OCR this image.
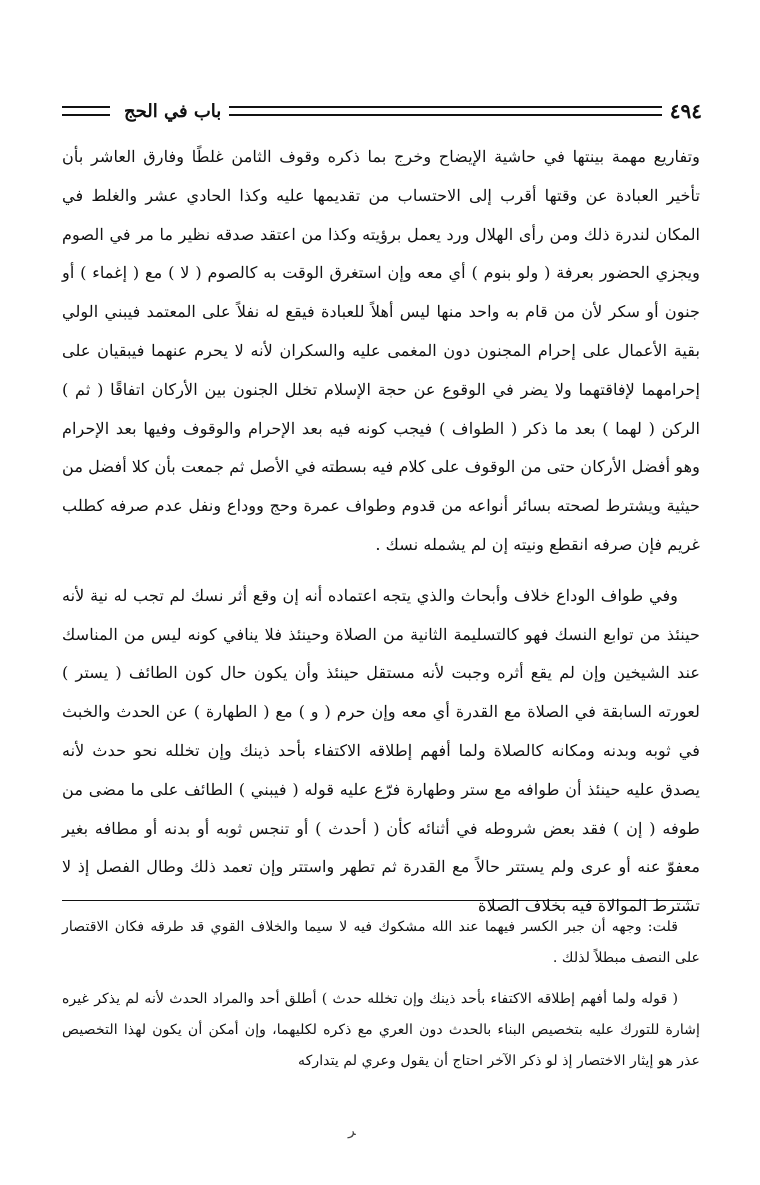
٤٩٤
باب في الحج

وتفاريع مهمة بينتها في حاشية الإيضاح وخرج بما ذكره وقوف الثامن غلطًا وفارق العاشر بأن تأخير العبادة عن وقتها أقرب إلى الاحتساب من تقديمها عليه وكذا الحادي عشر والغلط في المكان لندرة ذلك ومن رأى الهلال ورد يعمل برؤيته وكذا من اعتقد صدقه نظير ما مر في الصوم ويجزي الحضور بعرفة ( ولو بنوم ) أي معه وإن استغرق الوقت به كالصوم ( لا ) مع ( إغماء ) أو جنون أو سكر لأن من قام به واحد منها ليس أهلاً للعبادة فيقع له نفلاً على المعتمد فيبني الولي بقية الأعمال على إحرام المجنون دون المغمى عليه والسكران لأنه لا يحرم عنهما فيبقيان على إحرامهما لإفاقتهما ولا يضر في الوقوع عن حجة الإسلام تخلل الجنون بين الأركان اتفاقًا ( ثم ) الركن ( لهما ) بعد ما ذكر ( الطواف ) فيجب كونه فيه بعد الإحرام والوقوف وفيها بعد الإحرام وهو أفضل الأركان حتى من الوقوف على كلام فيه بسطته في الأصل ثم جمعت بأن كلا أفضل من حيثية ويشترط لصحته بسائر أنواعه من قدوم وطواف عمرة وحج ووداع ونفل عدم صرفه كطلب غريم فإن صرفه انقطع ونيته إن لم يشمله نسك .

وفي طواف الوداع خلاف وأبحاث والذي يتجه اعتماده أنه إن وقع أثر نسك لم تجب له نية لأنه حينئذ من توابع النسك فهو كالتسليمة الثانية من الصلاة وحينئذ فلا ينافي كونه ليس من المناسك عند الشيخين وإن لم يقع أثره وجبت لأنه مستقل حينئذ وأن يكون حال كون الطائف ( يستر ) لعورته السابقة في الصلاة مع القدرة أي معه وإن حرم ( و ) مع ( الطهارة ) عن الحدث والخبث في ثوبه وبدنه ومكانه كالصلاة ولما أفهم إطلاقه الاكتفاء بأحد ذينك وإن تخلله نحو حدث لأنه يصدق عليه حينئذ أن طوافه مع ستر وطهارة فرّع عليه قوله ( فيبني ) الطائف على ما مضى من طوفه ( إن ) فقد بعض شروطه في أثنائه كأن ( أحدث ) أو تنجس ثوبه أو بدنه أو مطافه بغير معفوّ عنه أو عرى ولم يستتر حالاً مع القدرة ثم تطهر واستتر وإن تعمد ذلك وطال الفصل إذ لا تشترط الموالاة فيه بخلاف الصلاة

قلت: وجهه أن جبر الكسر فيهما عند الله مشكوك فيه لا سيما والخلاف القوي قد طرقه فكان الاقتصار على النصف مبطلاً لذلك .

( قوله ولما أفهم إطلاقه الاكتفاء بأحد ذينك وإن تخلله حدث ) أطلق أحد والمراد الحدث لأنه لم يذكر غيره إشارة للتورك عليه بتخصيص البناء بالحدث دون العري مع ذكره لكليهما، وإن أمكن أن يكون لهذا التخصيص عذر هو إيثار الاختصار إذ لو ذكر الآخر احتاج أن يقول وعري لم يتداركه

ﺮ
